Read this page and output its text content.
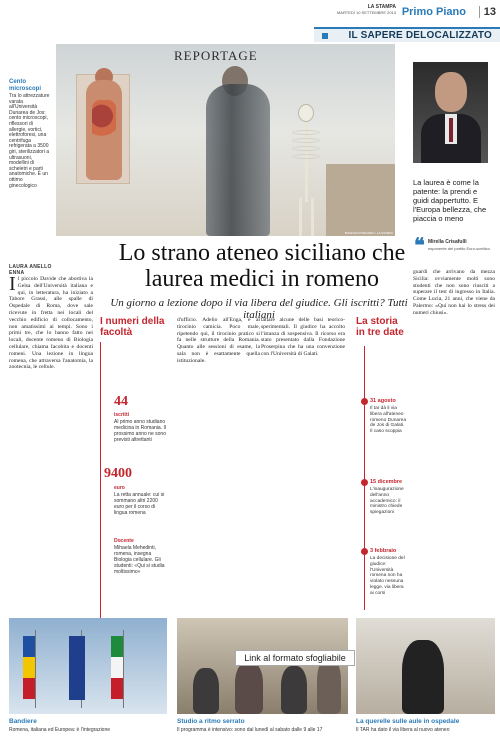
LA STAMPA
MARTEDÌ 10 SETTEMBRE 2013 Primo Piano 13
IL SAPERE DELOCALIZZATO
REPORTAGE
BOGDAN PURCARIU / LA STAMPA
Cento microscopi
Tra lo attrezzature varata all'Università Dunarea de Jos: cento microscopi, riflessori di allergie, vortici, elettroforesi, una centrifuga refrigerata a 3500 giri, sterilizzatori a ultrasuoni, modellini di scheletri e parti anatomiche. È un ottimo ginecologico	La laurea è come la patente: la prendi e guidi dappertutto. E l'Europa bellezza, che piaccia o meno
❝ Mirella Crisafulli
esponente del partito Euro-scettico
LAURA ANELLO
ENNA
Lo strano ateneo siciliano che laurea medici in romeno
Un giorno a lezione dopo il via libera del giudice. Gli iscritti? Tutti italiani
Il piccolo Davide che abortiva la Gelsa dell'Università italiana e qui, in letteratura, ha iniziato a Tabore Grassi, alle spalle di Ospedale di Roma, dove sale ricevute in fretta nei locali del vecchio edificio di collocamento, non amatissimi ai tempi. Sono i primi tre, che lo hanno fatto nei locali, docente romeno di Biologia cellulare, chiama Iacobita e docenti romeni. Una lezione in lingua romena, che attraversa l'anatomia, la zootecnia, le cellule.
d'ufficio. Adelio all'Enga, e al tirocinio camicia. Poco male, ripetendo qui, il tirocinio pratico si fa nelle strutture della Romania. Quanto alle sessioni di esame, la sala non è esattamente quella istituzionale.
tattare alcune delle basi teorico-sperimentali. Il giudice ha accolto l'istanza di sospensiva. Il ricorso era stato presentato dalla Fondazione Proserpina che ha una convenzione con l'Università di Galati.
guardi che arrivano da mezza Sicilia: ovviamente molti sono studenti che non sono riusciti a superare il test di ingresso in Italia. Come Lucia, 21 anni, che viene da Palermo: «Qui non hai lo stress dei numeri chiusi».
I numeri della facoltà
44
iscritti
Al primo anno studiano medicina in Romania. Il prossimo anno ne sono previsti altrettanti
9400
euro
La retta annuale: cui si sommano altri 2200 euro per il corso di lingua romena
Docente
Mihaela Mehedinti, romena, insegna Biologia cellulare. Gli studenti: «Qui si studia moltissimo»
La storia in tre date
31 agosto
Il tar dà il via libera all'ateneo romeno Dunarea de Jos di Galati. Il caso scoppia
15 dicembre
L'inaugurazione dell'anno accademico: il ministro chiede spiegazioni
3 febbraio
La decisione del giudice: l'Università romena non ha violato nessuna legge, via libera ai corsi
Link al formato sfogliabile
Bandiere
Romena, italiana ed Europea: è l'integrazione
Studio a ritmo serrato
Il programma è intensivo: sono dal lunedì al sabato dalle 9 alle 17
La querelle sulle aule in ospedale
Il TAR ha dato il via libera al nuovo ateneo
